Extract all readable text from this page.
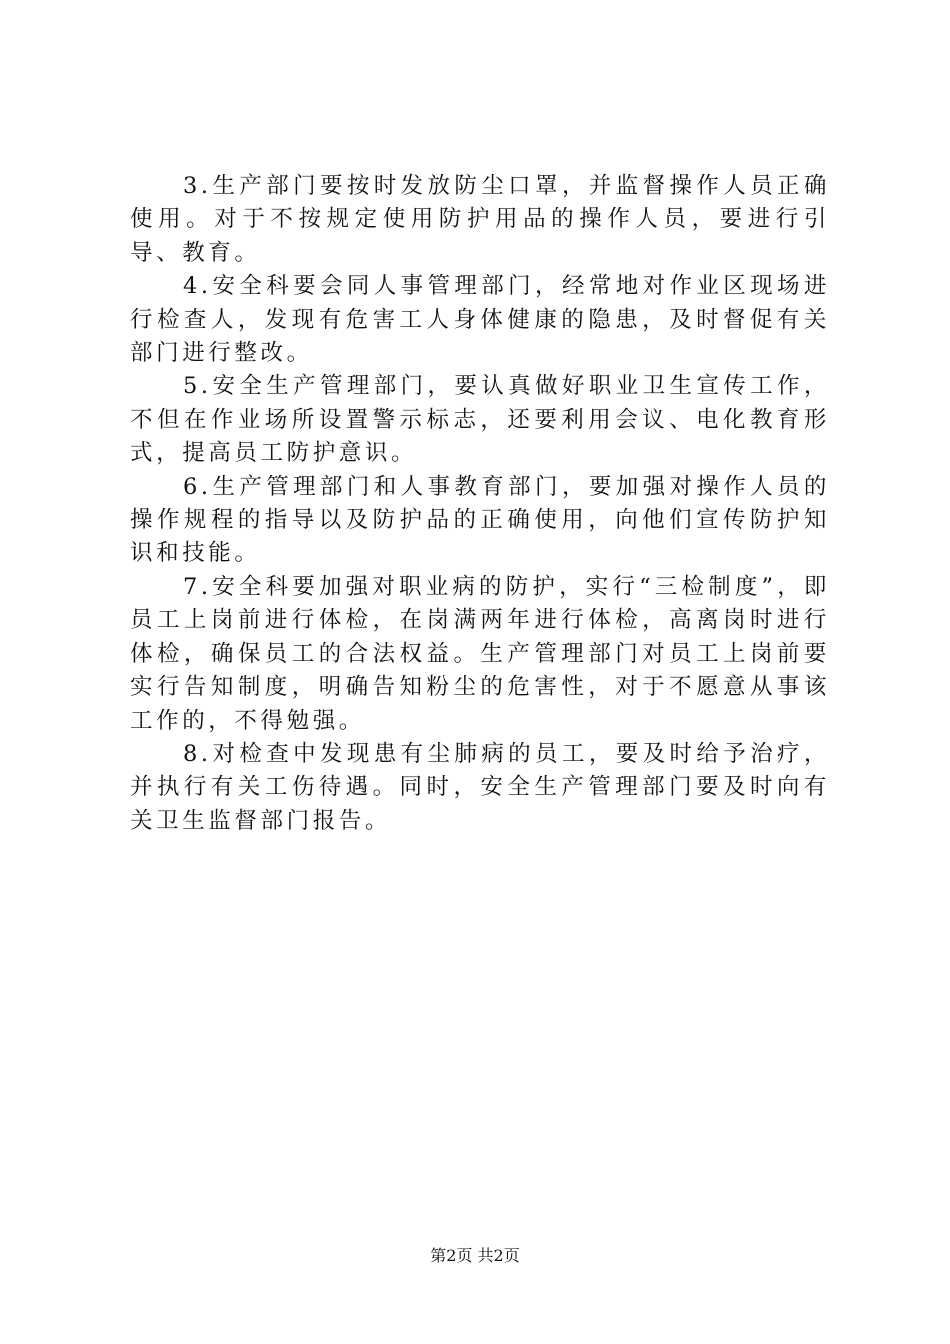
3.生产部门要按时发放防尘口罩，并监督操作人员正确使用。对于不按规定使用防护用品的操作人员，要进行引导、教育。

4.安全科要会同人事管理部门，经常地对作业区现场进行检查人，发现有危害工人身体健康的隐患，及时督促有关部门进行整改。

5.安全生产管理部门，要认真做好职业卫生宣传工作，不但在作业场所设置警示标志，还要利用会议、电化教育形式，提高员工防护意识。

6.生产管理部门和人事教育部门，要加强对操作人员的操作规程的指导以及防护品的正确使用，向他们宣传防护知识和技能。

7.安全科要加强对职业病的防护，实行“三检制度”，即员工上岗前进行体检，在岗满两年进行体检，高离岗时进行体检，确保员工的合法权益。生产管理部门对员工上岗前要实行告知制度，明确告知粉尘的危害性，对于不愿意从事该工作的，不得勉强。

8.对检查中发现患有尘肺病的员工，要及时给予治疗，并执行有关工伤待遇。同时，安全生产管理部门要及时向有关卫生监督部门报告。

第2页 共2页
